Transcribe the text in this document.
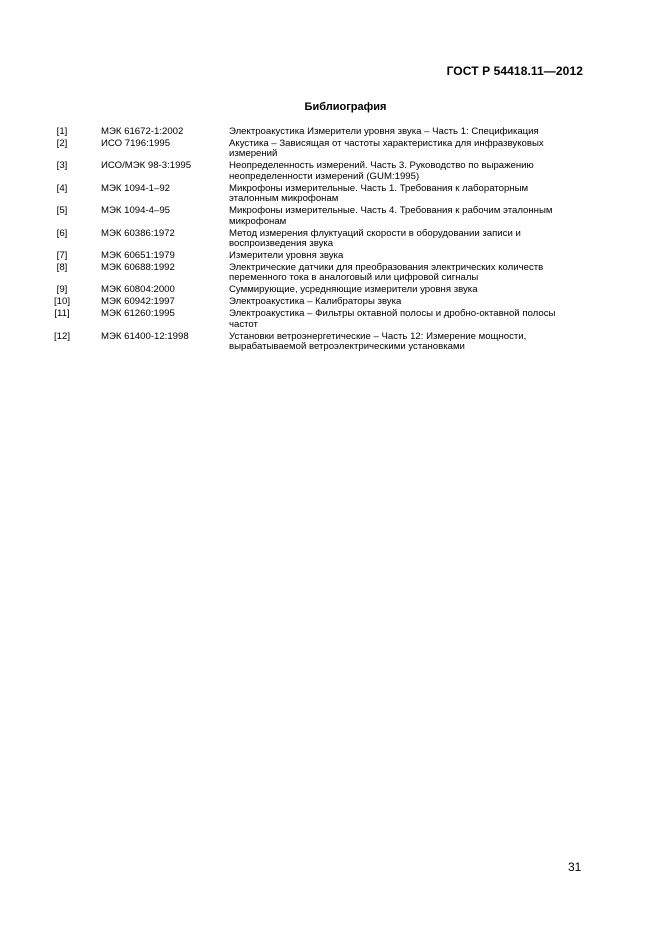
ГОСТ Р 54418.11—2012
Библиография
[1]	МЭК 61672-1:2002	Электроакустика Измерители уровня звука – Часть 1: Спецификация
[2]	ИСО 7196:1995	Акустика – Зависящая от частоты характеристика для инфразвуковых измерений
[3]	ИСО/МЭК 98-3:1995	Неопределенность измерений. Часть 3. Руководство по выражению неопределенности измерений (GUM:1995)
[4]	МЭК 1094-1–92	Микрофоны измерительные. Часть 1. Требования к лабораторным эталонным микрофонам
[5]	МЭК 1094-4–95	Микрофоны измерительные. Часть 4. Требования к рабочим эталонным микрофонам
[6]	МЭК 60386:1972	Метод измерения флуктуаций скорости в оборудовании записи и воспроизведения звука
[7]	МЭК 60651:1979	Измерители уровня звука
[8]	МЭК 60688:1992	Электрические датчики для преобразования электрических количеств переменного тока в аналоговый или цифровой сигналы
[9]	МЭК 60804:2000	Суммирующие, усредняющие измерители уровня звука
[10]	МЭК 60942:1997	Электроакустика – Калибраторы звука
[11]	МЭК 61260:1995	Электроакустика – Фильтры октавной полосы и дробно-октавной полосы частот
[12]	МЭК 61400-12:1998	Установки ветроэнергетические – Часть 12: Измерение мощности, вырабатываемой ветроэлектрическими установками
31
